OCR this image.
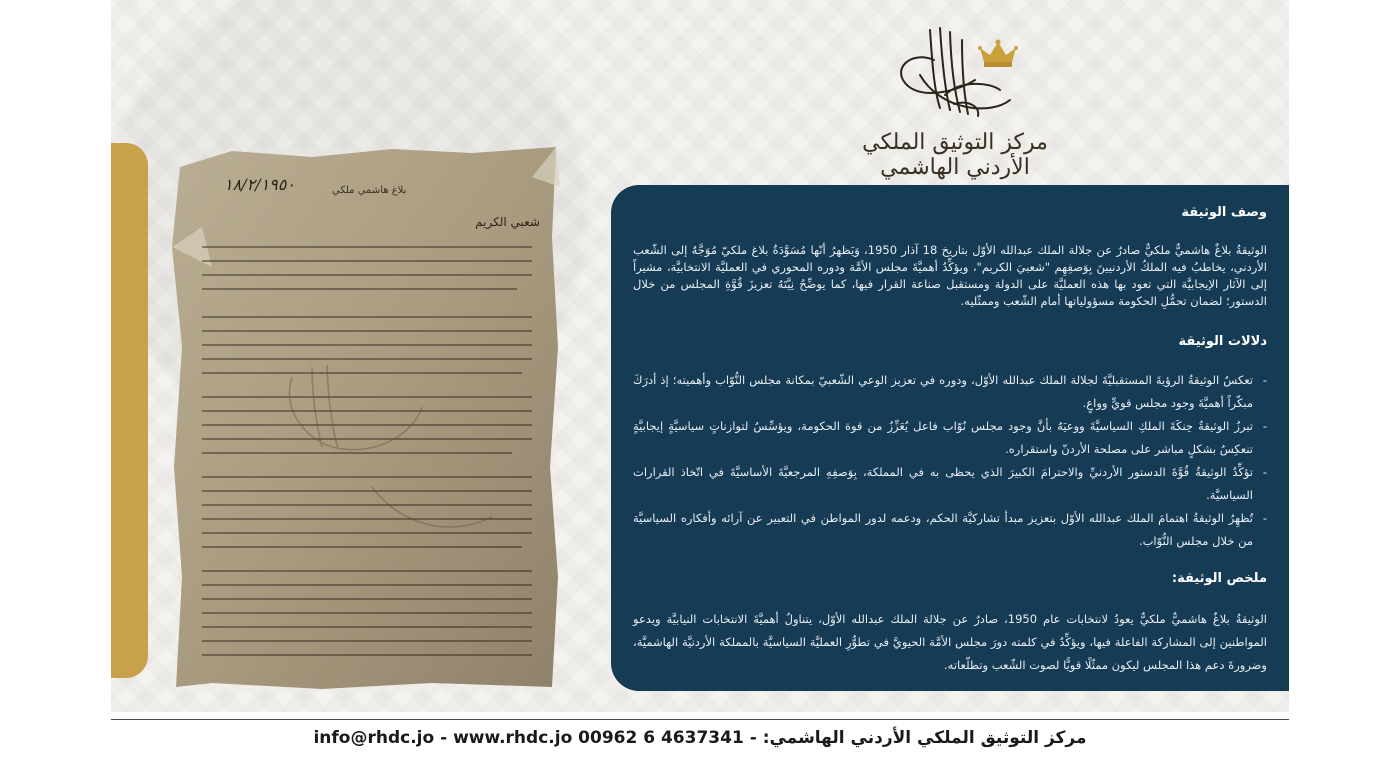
مركز التوثيق الملكي الأردني الهاشمي
١٨/٢/١٩٥٠	بلاغ هاشمي ملكي
شعبي الكريم
وصف الوثيقة

الوثيقةُ بلاغٌ هاشميٌّ ملكيٌّ صادرٌ عن جلالة الملك عبدالله الأوّل بتاريخ 18 آذار 1950، وَيَظهرُ أنّها مُسَوَّدَةُ بلاغ ملكيّ مُوَجَّهٌ إلى الشّعب الأردني، يخاطبُ فيه الملكُ الأردنيينَ بِوَصفِهِم "شعبيَ الكريم"، ويؤكِّدُ أهميَّةَ مجلس الأمَّة ودوره المحوري في العمليَّة الانتخابيَّة، مشيراً إلى الآثار الإيجابيَّة التي تعود بها هذه العمليَّة على الدولة ومستقبل صناعة القرار فيها، كما يوضِّحُ نِيَّتَهُ تعزيزَ قُوَّةِ المجلس من خلال الدستور؛ لضمان تحمُّلِ الحكومة مسؤولياتها أمام الشّعب وممثّليه.

دلالات الوثيقة
- تعكسُ الوثيقةُ الرؤيةَ المستقبليَّةَ لجلالة الملك عبدالله الأوّل، ودوره في تعزيز الوعي الشّعبيّ بمكانة مجلس النُّوّاب وأهميته؛ إذ أدرَكَ مبكّراً أهميَّةَ وجود مجلس قويٍّ وواعٍ.
- تبرزُ الوثيقةُ حِنكَةَ الملكِ السياسيَّةَ ووعيَهُ بأنَّ وجود مجلس نُوّاب فاعل يُعَزِّزُ من قوة الحكومة، ويؤسِّسُ لتوازناتٍ سياسيَّةٍ إيجابيَّةٍ تنعكِسُ بشكلٍ مباشر على مصلحة الأردنّ واستقراره.
- تؤكِّدُ الوثيقةُ قُوَّةَ الدستور الأردنيِّ والاحترامَ الكبيرَ الذي يحظى به في المملكة، بِوَصفِهِ المرجعيَّةَ الأساسيَّةَ في اتّخاذ القرارات السياسيَّة.
- تُظهِرُ الوثيقةُ اهتمامَ الملك عبدالله الأوّل بتعزيز مبدأ تشاركيَّة الحكم، ودعمه لدور المواطن في التعبير عن آرائه وأفكاره السياسيَّة من خلال مجلس النُّوّاب.
ملخص الوثيقة:

الوثيقةُ بلاغٌ هاشميٌّ ملكيٌّ يعودُ لانتخابات عام 1950، صادرٌ عن جلالة الملك عبدالله الأوّل، يتناولُ أهميَّةَ الانتخابات النيابيَّة ويدعو المواطنين إلى المشاركة الفاعلة فيها، ويؤكِّدُ في كلمته دورَ مجلس الأمَّة الحيويَّ في تطوُّرِ العمليَّة السياسيَّة بالمملكة الأردنيَّة الهاشميَّة، وضرورةَ دعم هذا المجلس ليكون ممثّلًا قويًّا لصوت الشّعب وتطلّعاته.

info@rhdc.jo - www.rhdc.jo 00962 6 4637341 - مركز التوثيق الملكي الأردني الهاشمي:
